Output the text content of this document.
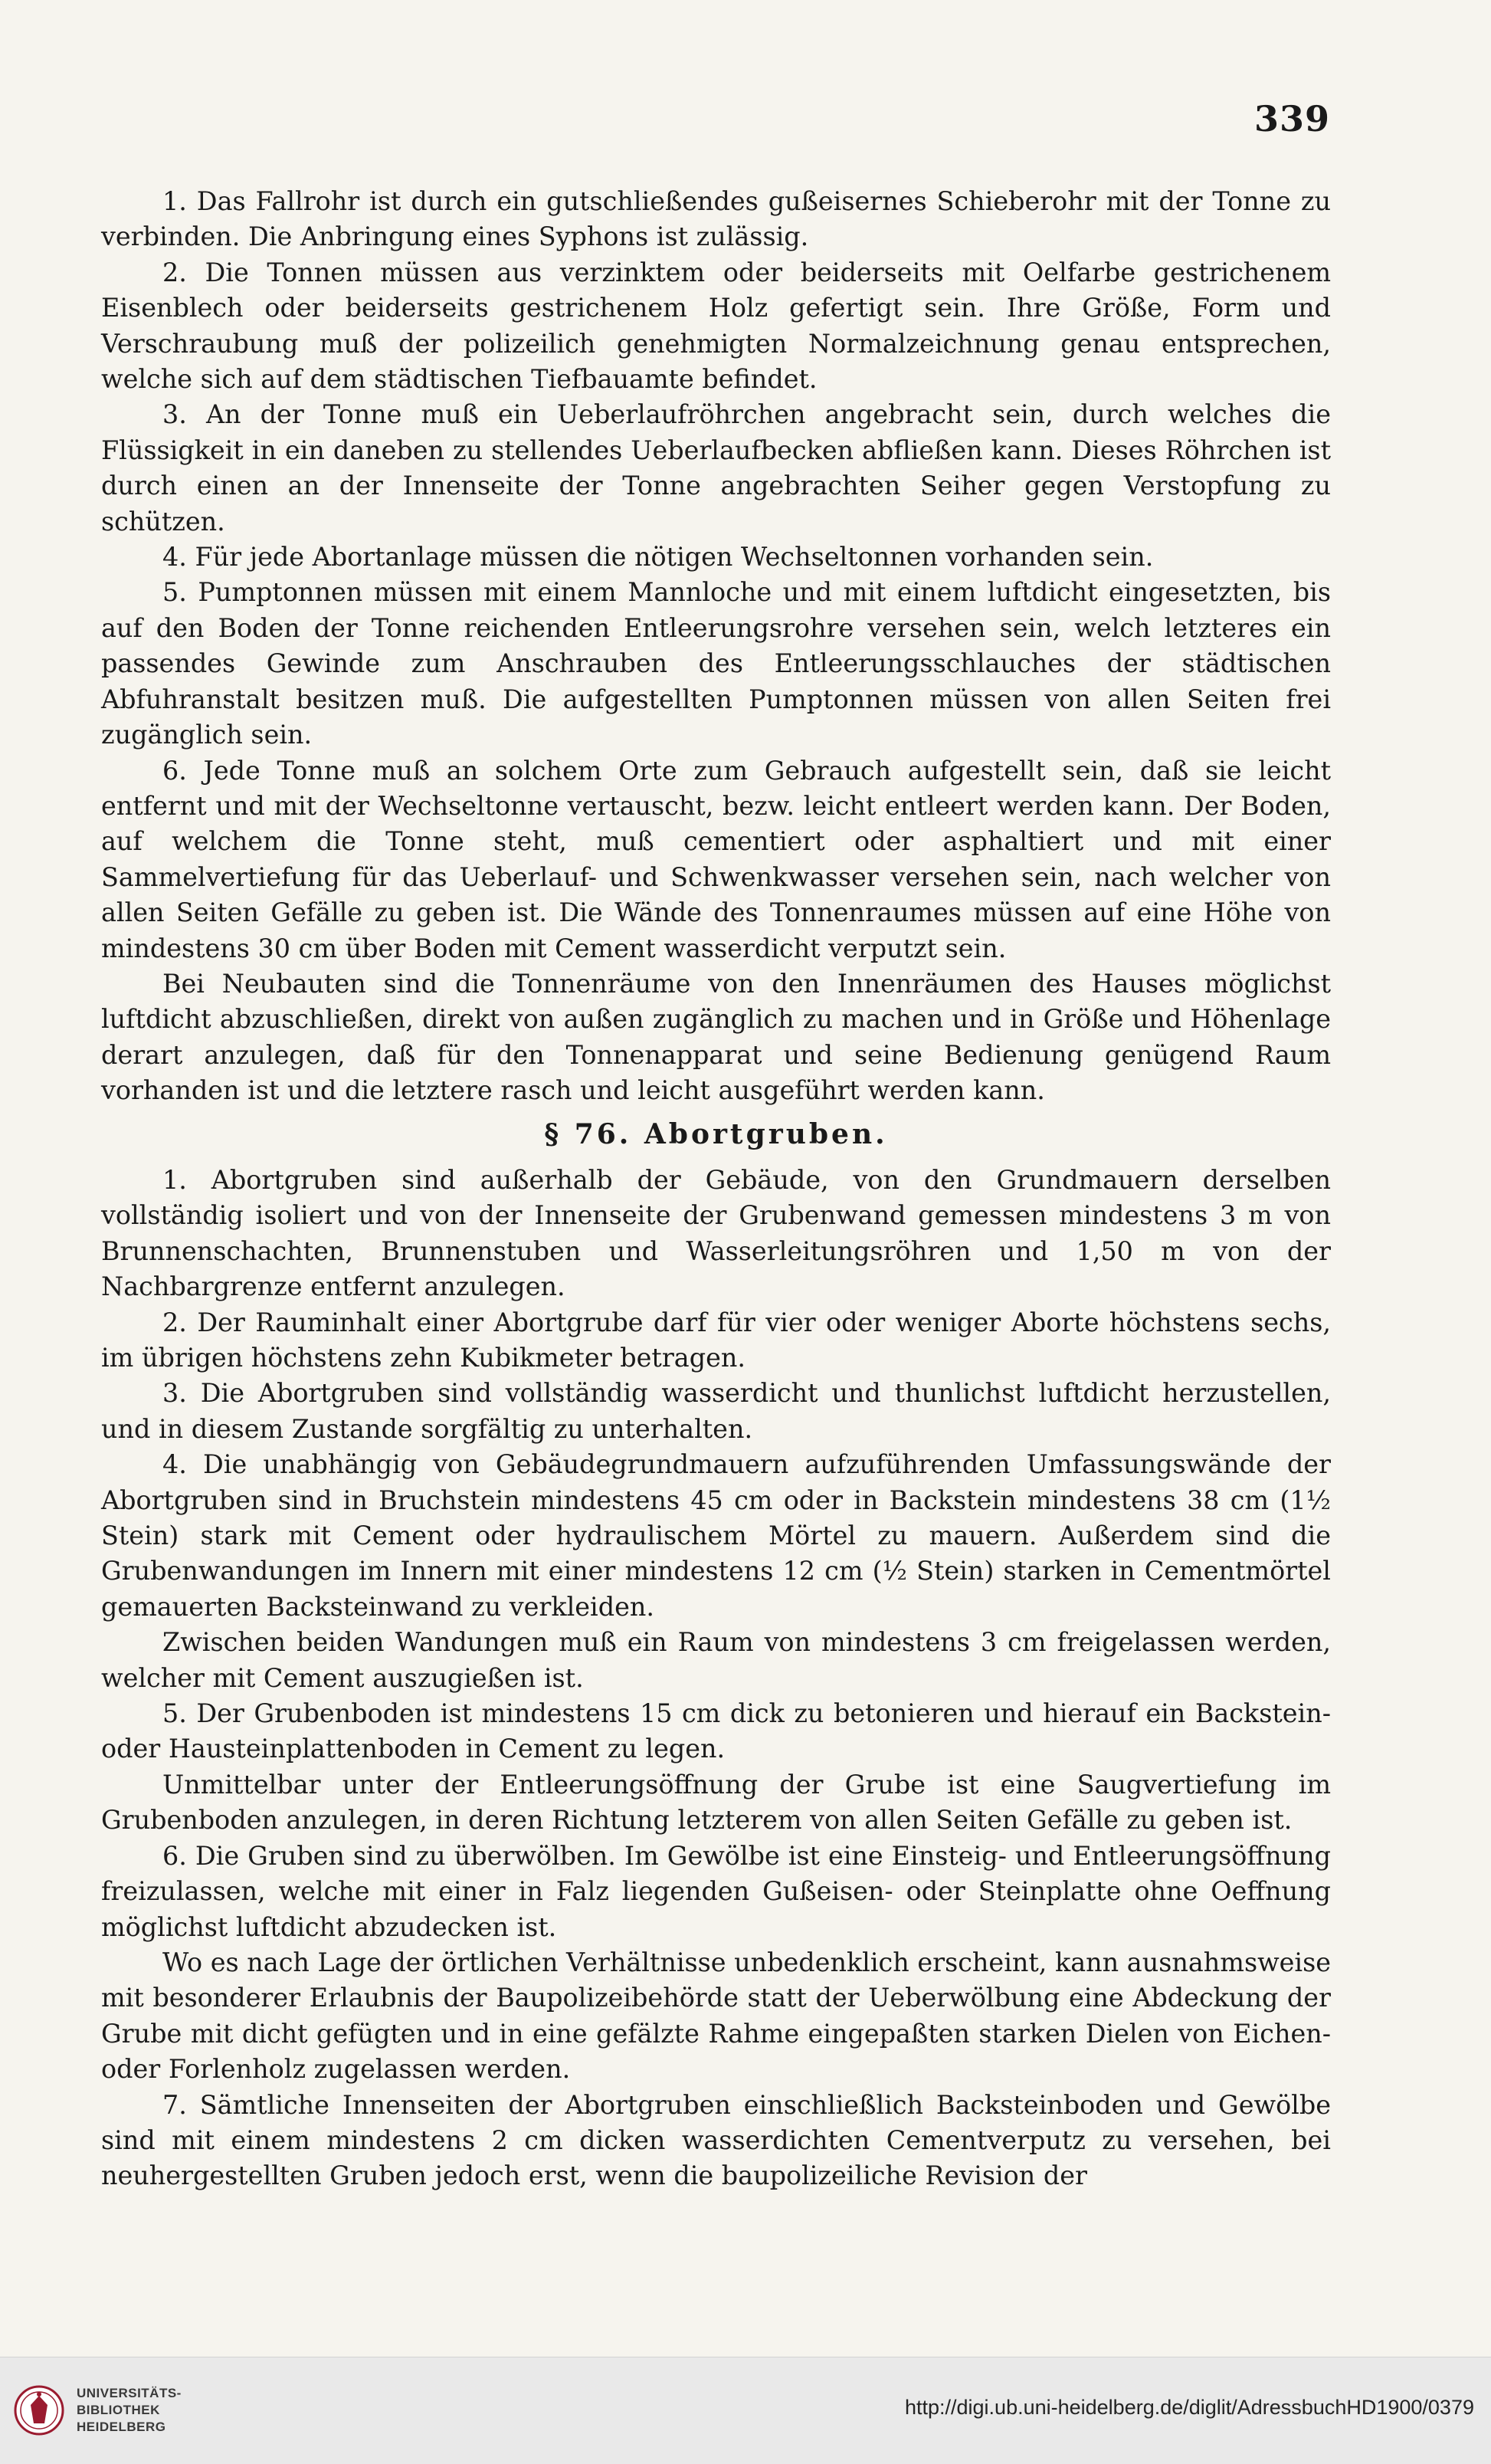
339

1. Das Fallrohr ist durch ein gutschließendes gußeisernes Schieberohr mit der Tonne zu verbinden. Die Anbringung eines Syphons ist zulässig.

2. Die Tonnen müssen aus verzinktem oder beiderseits mit Oelfarbe gestrichenem Eisenblech oder beiderseits gestrichenem Holz gefertigt sein. Ihre Größe, Form und Verschraubung muß der polizeilich genehmigten Normalzeichnung genau entsprechen, welche sich auf dem städtischen Tiefbauamte befindet.

3. An der Tonne muß ein Ueberlaufröhrchen angebracht sein, durch welches die Flüssigkeit in ein daneben zu stellendes Ueberlaufbecken abfließen kann. Dieses Röhrchen ist durch einen an der Innenseite der Tonne angebrachten Seiher gegen Verstopfung zu schützen.

4. Für jede Abortanlage müssen die nötigen Wechseltonnen vorhanden sein.

5. Pumptonnen müssen mit einem Mannloche und mit einem luftdicht eingesetzten, bis auf den Boden der Tonne reichenden Entleerungsrohre versehen sein, welch letzteres ein passendes Gewinde zum Anschrauben des Entleerungsschlauches der städtischen Abfuhranstalt besitzen muß. Die aufgestellten Pumptonnen müssen von allen Seiten frei zugänglich sein.

6. Jede Tonne muß an solchem Orte zum Gebrauch aufgestellt sein, daß sie leicht entfernt und mit der Wechseltonne vertauscht, bezw. leicht entleert werden kann. Der Boden, auf welchem die Tonne steht, muß cementiert oder asphaltiert und mit einer Sammelvertiefung für das Ueberlauf- und Schwenkwasser versehen sein, nach welcher von allen Seiten Gefälle zu geben ist. Die Wände des Tonnenraumes müssen auf eine Höhe von mindestens 30 cm über Boden mit Cement wasserdicht verputzt sein.

Bei Neubauten sind die Tonnenräume von den Innenräumen des Hauses möglichst luftdicht abzuschließen, direkt von außen zugänglich zu machen und in Größe und Höhenlage derart anzulegen, daß für den Tonnenapparat und seine Bedienung genügend Raum vorhanden ist und die letztere rasch und leicht ausgeführt werden kann.

§ 76. Abortgruben.

1. Abortgruben sind außerhalb der Gebäude, von den Grundmauern derselben vollständig isoliert und von der Innenseite der Grubenwand gemessen mindestens 3 m von Brunnenschachten, Brunnenstuben und Wasserleitungsröhren und 1,50 m von der Nachbargrenze entfernt anzulegen.

2. Der Rauminhalt einer Abortgrube darf für vier oder weniger Aborte höchstens sechs, im übrigen höchstens zehn Kubikmeter betragen.

3. Die Abortgruben sind vollständig wasserdicht und thunlichst luftdicht herzustellen, und in diesem Zustande sorgfältig zu unterhalten.

4. Die unabhängig von Gebäudegrundmauern aufzuführenden Umfassungswände der Abortgruben sind in Bruchstein mindestens 45 cm oder in Backstein mindestens 38 cm (1½ Stein) stark mit Cement oder hydraulischem Mörtel zu mauern. Außerdem sind die Grubenwandungen im Innern mit einer mindestens 12 cm (½ Stein) starken in Cementmörtel gemauerten Backsteinwand zu verkleiden.

Zwischen beiden Wandungen muß ein Raum von mindestens 3 cm freigelassen werden, welcher mit Cement auszugießen ist.

5. Der Grubenboden ist mindestens 15 cm dick zu betonieren und hierauf ein Backstein- oder Hausteinplattenboden in Cement zu legen.

Unmittelbar unter der Entleerungsöffnung der Grube ist eine Saugvertiefung im Grubenboden anzulegen, in deren Richtung letzterem von allen Seiten Gefälle zu geben ist.

6. Die Gruben sind zu überwölben. Im Gewölbe ist eine Einsteig- und Entleerungsöffnung freizulassen, welche mit einer in Falz liegenden Gußeisen- oder Steinplatte ohne Oeffnung möglichst luftdicht abzudecken ist.

Wo es nach Lage der örtlichen Verhältnisse unbedenklich erscheint, kann ausnahmsweise mit besonderer Erlaubnis der Baupolizeibehörde statt der Ueberwölbung eine Abdeckung der Grube mit dicht gefügten und in eine gefälzte Rahme eingepaßten starken Dielen von Eichen- oder Forlenholz zugelassen werden.

7. Sämtliche Innenseiten der Abortgruben einschließlich Backsteinboden und Gewölbe sind mit einem mindestens 2 cm dicken wasserdichten Cementverputz zu versehen, bei neuhergestellten Gruben jedoch erst, wenn die baupolizeiliche Revision der

UNIVERSITÄTS-
BIBLIOTHEK
HEIDELBERG
http://digi.ub.uni-heidelberg.de/diglit/AdressbuchHD1900/0379
